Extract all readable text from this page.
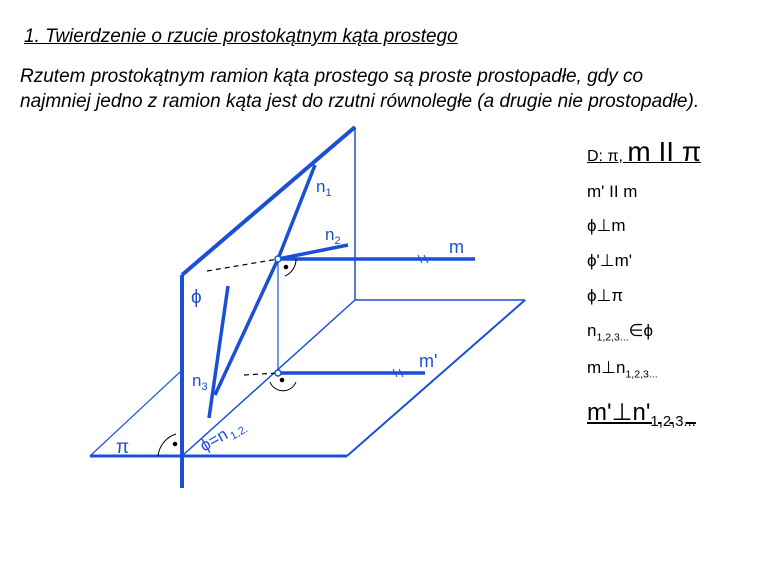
1. Twierdzenie o rzucie prostokątnym kąta prostego
Rzutem prostokątnym ramion kąta prostego są proste prostopadłe, gdy co najmniej jedno z ramion kąta jest do rzutni równoległe (a drugie nie prostopadłe).
$n_1$
$n_2$	m
ϕ
m'
$n_3$
π	$\phi=n_{1,2.}$
D: π, m II π
m' II m
ϕ⊥m
ϕ'⊥m'
ϕ⊥π
$n_{1,2,3...}\in\phi$
$m\perp n_{1,2,3...}$
$m'\perp n'_{1,2,3...}$
